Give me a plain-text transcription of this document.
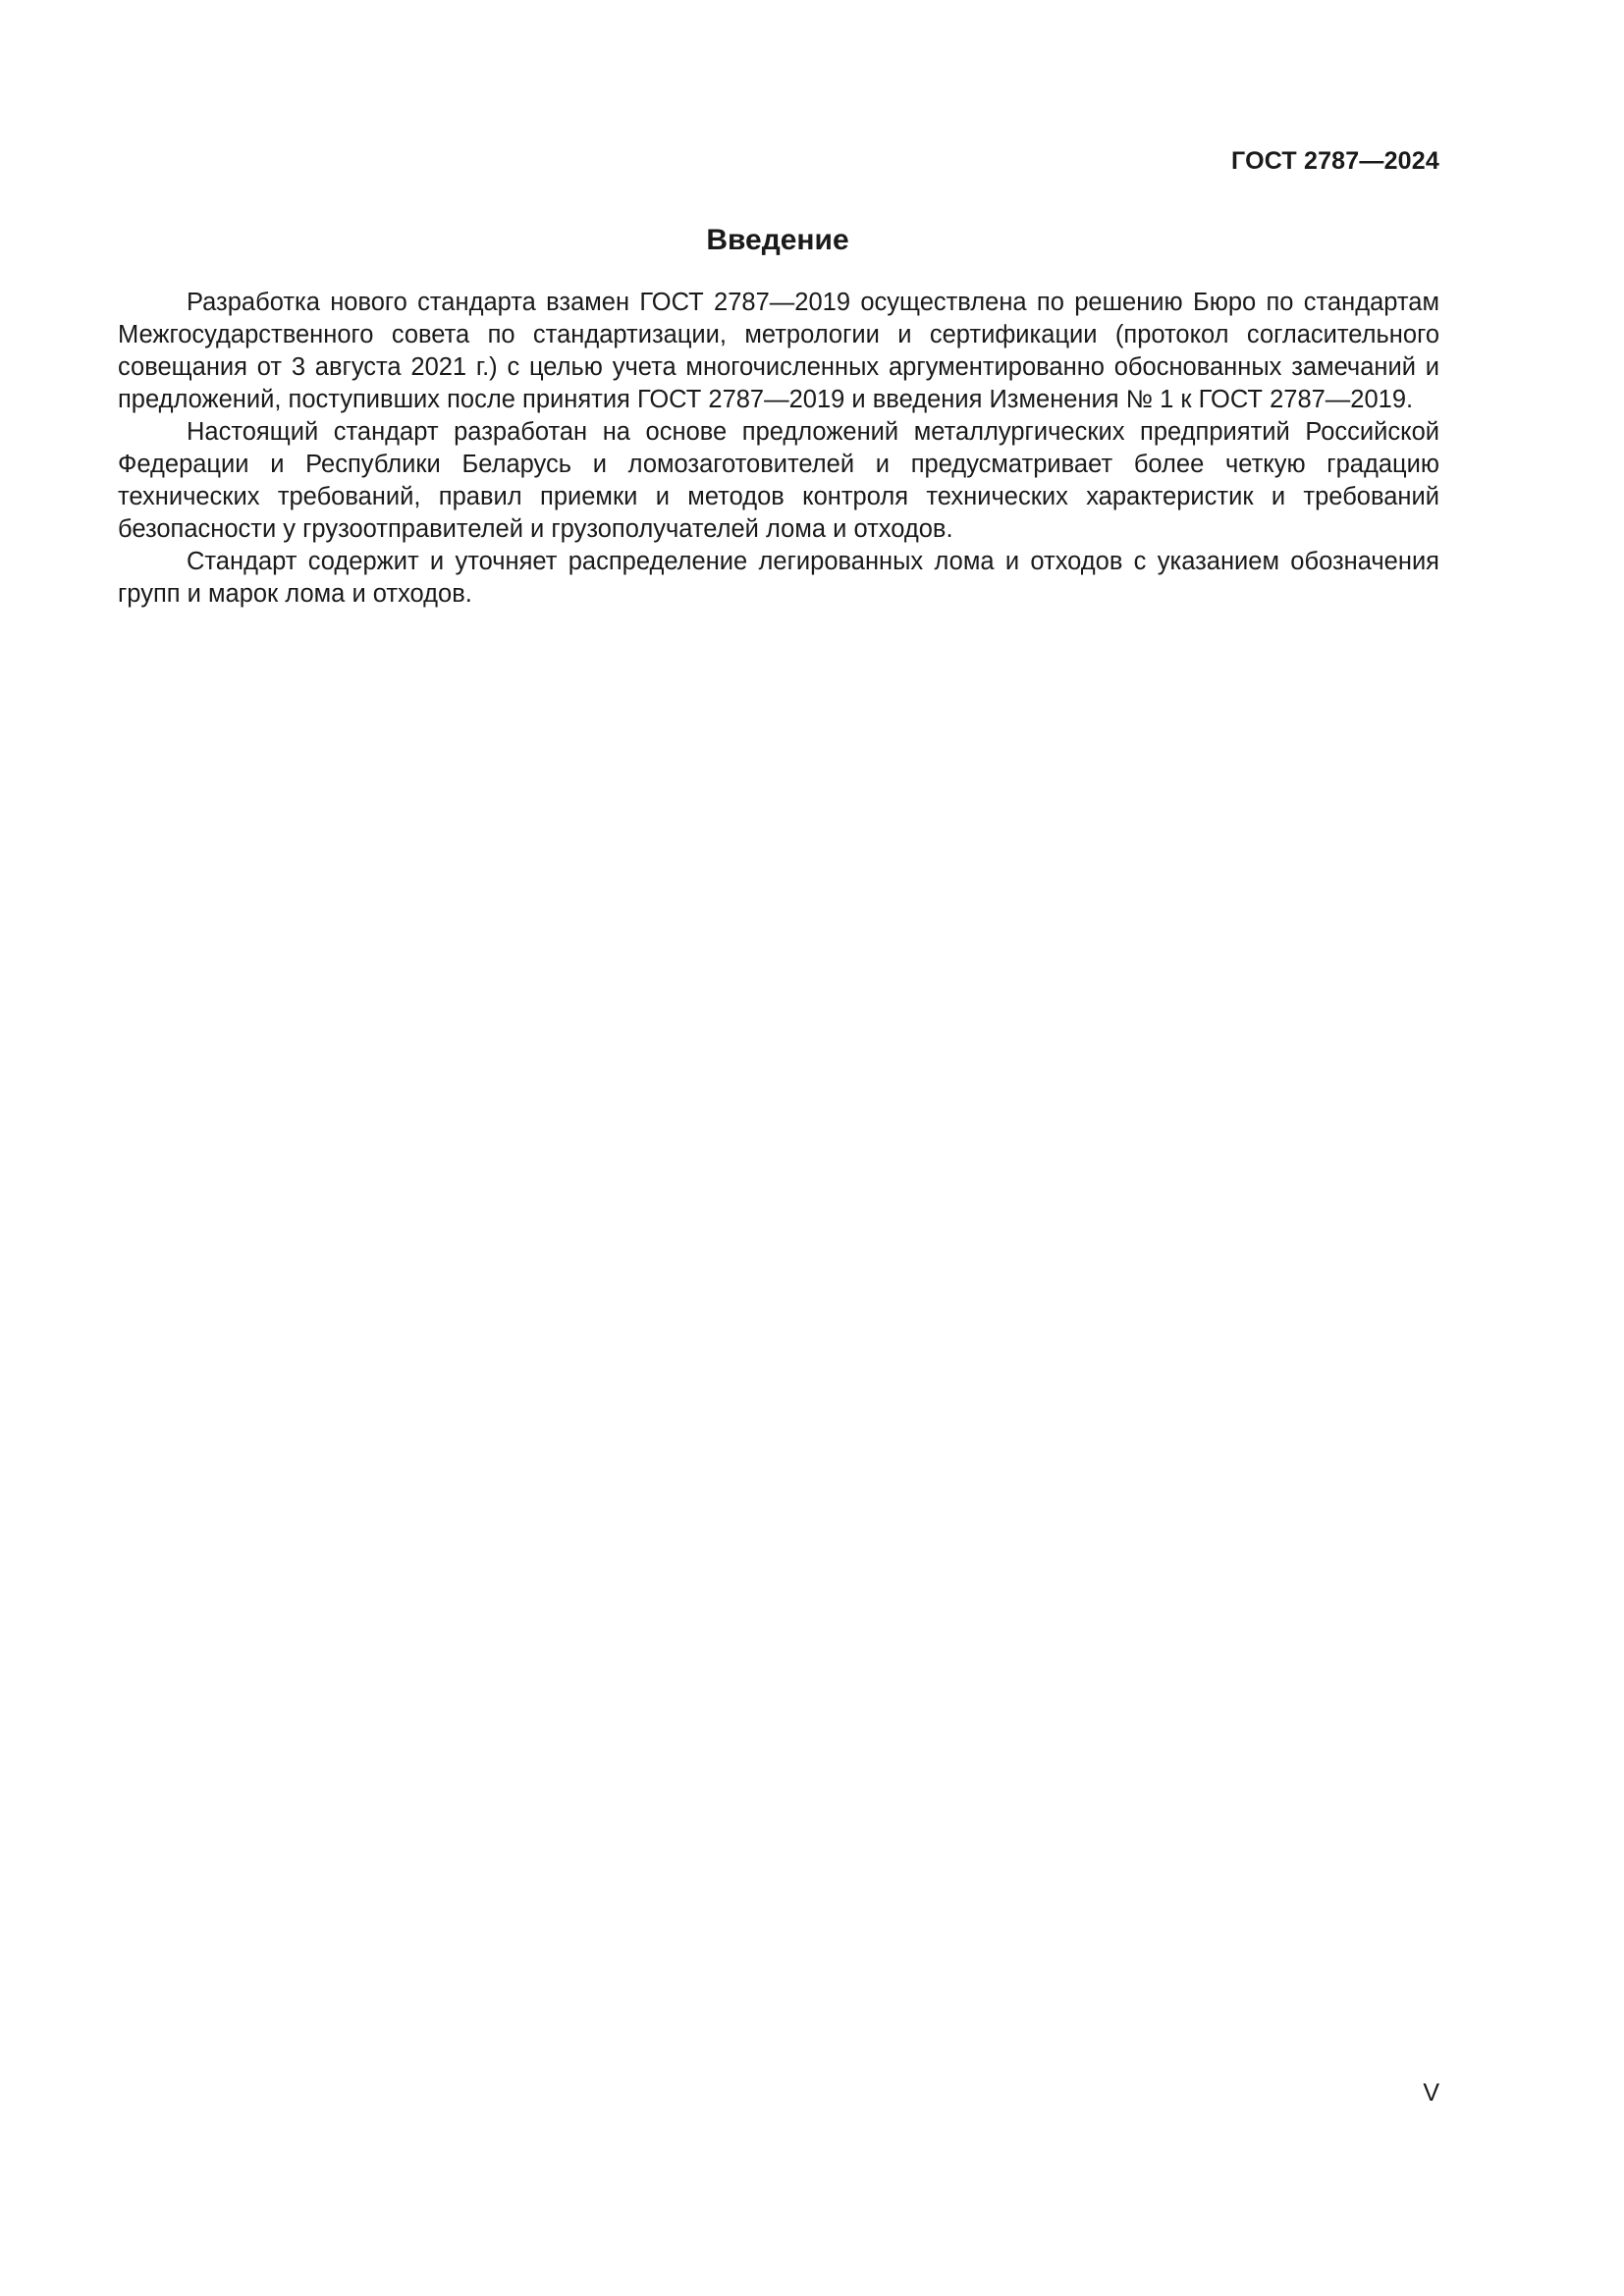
ГОСТ 2787—2024
Введение

Разработка нового стандарта взамен ГОСТ 2787—2019 осуществлена по решению Бюро по стандартам Межгосударственного совета по стандартизации, метрологии и сертификации (протокол согласительного совещания от 3 августа 2021 г.) с целью учета многочисленных аргументированно обоснованных замечаний и предложений, поступивших после принятия ГОСТ 2787—2019 и введения Изменения № 1 к ГОСТ 2787—2019.

Настоящий стандарт разработан на основе предложений металлургических предприятий Российской Федерации и Республики Беларусь и ломозаготовителей и предусматривает более четкую градацию технических требований, правил приемки и методов контроля технических характеристик и требований безопасности у грузоотправителей и грузополучателей лома и отходов.

Стандарт содержит и уточняет распределение легированных лома и отходов с указанием обозначения групп и марок лома и отходов.

V
